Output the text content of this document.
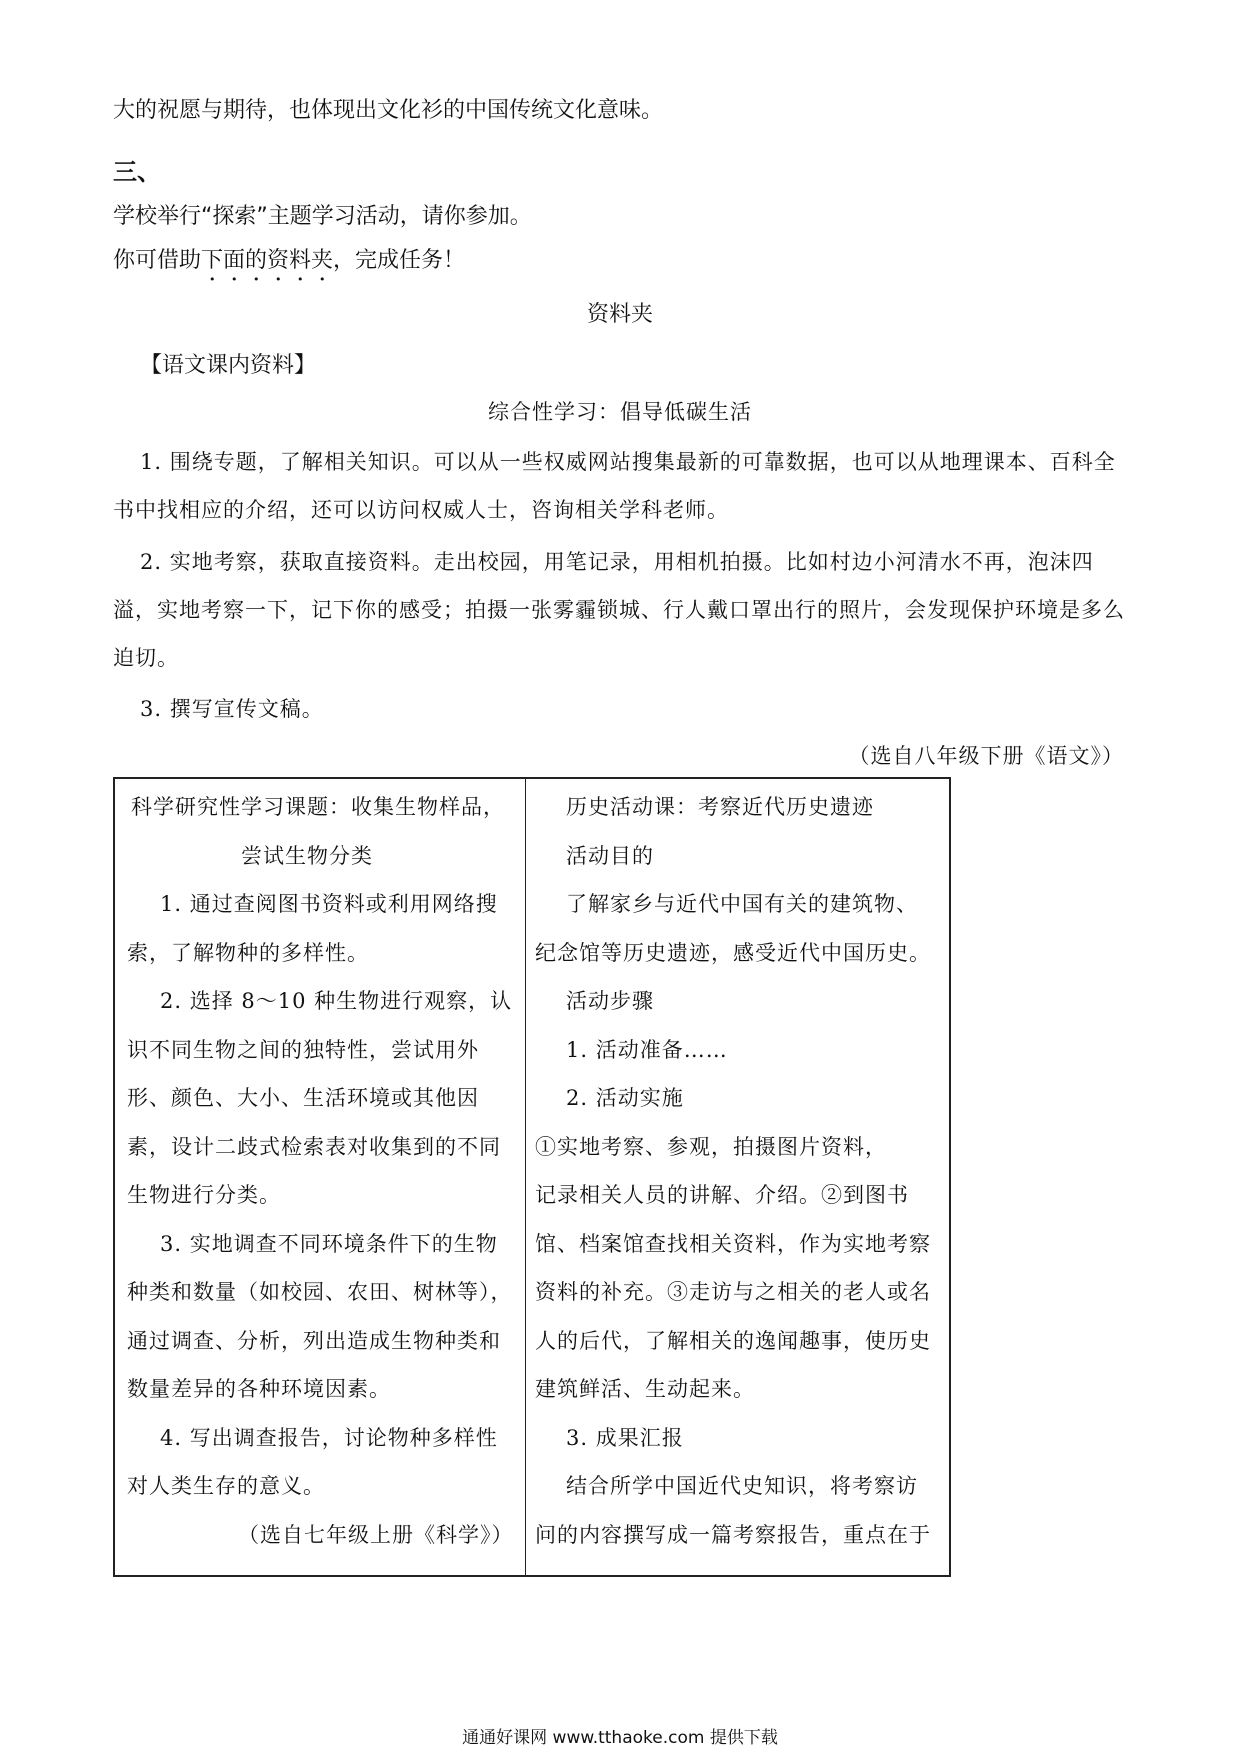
大的祝愿与期待，也体现出文化衫的中国传统文化意味。
三、
学校举行“探索”主题学习活动，请你参加。
你可借助下面的资料夹，完成任务！
资料夹
【语文课内资料】
综合性学习：倡导低碳生活
1. 围绕专题，了解相关知识。可以从一些权威网站搜集最新的可靠数据，也可以从地理课本、百科全
书中找相应的介绍，还可以访问权威人士，咨询相关学科老师。
2. 实地考察，获取直接资料。走出校园，用笔记录，用相机拍摄。比如村边小河清水不再，泡沫四
溢，实地考察一下，记下你的感受；拍摄一张雾霾锁城、行人戴口罩出行的照片，会发现保护环境是多么
迫切。
3. 撰写宣传文稿。
（选自八年级下册《语文》）
科学研究性学习课题：收集生物样品，
尝试生物分类
1. 通过查阅图书资料或利用网络搜
索，了解物种的多样性。
2. 选择 8～10 种生物进行观察，认
识不同生物之间的独特性，尝试用外
形、颜色、大小、生活环境或其他因
素，设计二歧式检索表对收集到的不同
生物进行分类。
3. 实地调查不同环境条件下的生物
种类和数量（如校园、农田、树林等），
通过调查、分析，列出造成生物种类和
数量差异的各种环境因素。
4. 写出调查报告，讨论物种多样性
对人类生存的意义。
（选自七年级上册《科学》）
历史活动课：考察近代历史遗迹
活动目的
了解家乡与近代中国有关的建筑物、
纪念馆等历史遗迹，感受近代中国历史。
活动步骤
1. 活动准备……
2. 活动实施
①实地考察、参观，拍摄图片资料，
记录相关人员的讲解、介绍。②到图书
馆、档案馆查找相关资料，作为实地考察
资料的补充。③走访与之相关的老人或名
人的后代，了解相关的逸闻趣事，使历史
建筑鲜活、生动起来。
3. 成果汇报
结合所学中国近代史知识，将考察访
问的内容撰写成一篇考察报告，重点在于
通通好课网 www.tthaoke.com 提供下载
